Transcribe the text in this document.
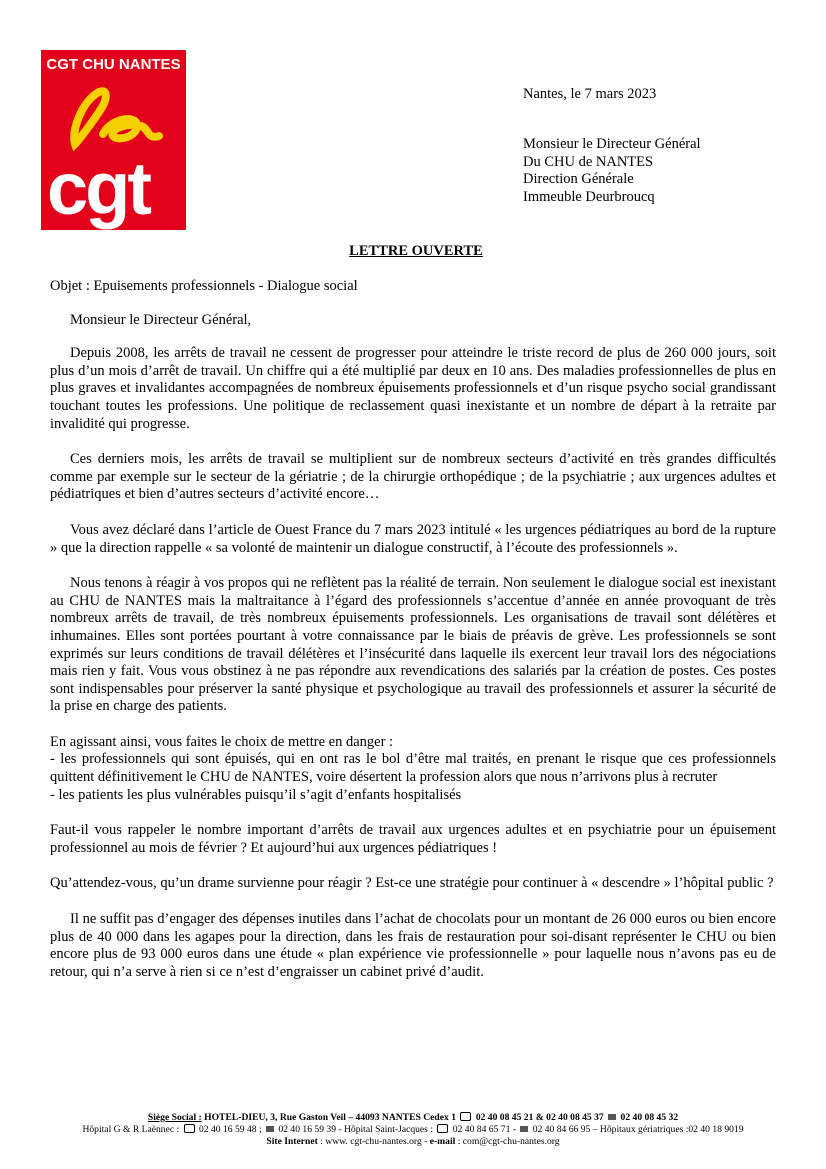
CGT CHU NANTES
cgt
Nantes, le 7 mars 2023
Monsieur le Directeur Général
Du CHU de NANTES
Direction Générale
Immeuble Deurbroucq
LETTRE OUVERTE

Objet : Epuisements professionnels - Dialogue social

Monsieur le Directeur Général,

Depuis 2008, les arrêts de travail ne cessent de progresser pour atteindre le triste record de plus de 260 000 jours, soit plus d’un mois d’arrêt de travail. Un chiffre qui a été multiplié par deux en 10 ans. Des maladies professionnelles de plus en plus graves et invalidantes accompagnées de nombreux épuisements professionnels et d’un risque psycho social grandissant touchant toutes les professions. Une politique de reclassement quasi inexistante et un nombre de départ à la retraite par invalidité qui progresse.

Ces derniers mois, les arrêts de travail se multiplient sur de nombreux secteurs d’activité en très grandes difficultés comme par exemple sur le secteur de la gériatrie ; de la chirurgie orthopédique ; de la psychiatrie ; aux urgences adultes et pédiatriques et bien d’autres secteurs d’activité encore…

Vous avez déclaré dans l’article de Ouest France du 7 mars 2023 intitulé « les urgences pédiatriques au bord de la rupture » que la direction rappelle « sa volonté de maintenir un dialogue constructif, à l’écoute des professionnels ».

Nous tenons à réagir à vos propos qui ne reflètent pas la réalité de terrain. Non seulement le dialogue social est inexistant au CHU de NANTES mais la maltraitance à l’égard des professionnels s’accentue d’année en année provoquant de très nombreux arrêts de travail, de très nombreux épuisements professionnels. Les organisations de travail sont délétères et inhumaines. Elles sont portées pourtant à votre connaissance par le biais de préavis de grève. Les professionnels se sont exprimés sur leurs conditions de travail délétères et l’insécurité dans laquelle ils exercent leur travail lors des négociations mais rien y fait. Vous vous obstinez à ne pas répondre aux revendications des salariés par la création de postes. Ces postes sont indispensables pour préserver la santé physique et psychologique au travail des professionnels et assurer la sécurité de la prise en charge des patients.

En agissant ainsi, vous faites le choix de mettre en danger :
- les professionnels qui sont épuisés, qui en ont ras le bol d’être mal traités, en prenant le risque que ces professionnels quittent définitivement le CHU de NANTES, voire désertent la profession alors que nous n’arrivons plus à recruter
- les patients les plus vulnérables puisqu’il s’agit d’enfants hospitalisés

Faut-il vous rappeler le nombre important d’arrêts de travail aux urgences adultes et en psychiatrie pour un épuisement professionnel au mois de février ? Et aujourd’hui aux urgences pédiatriques !

Qu’attendez-vous, qu’un drame survienne pour réagir ? Est-ce une stratégie pour continuer à « descendre » l’hôpital public ?

Il ne suffit pas d’engager des dépenses inutiles dans l’achat de chocolats pour un montant de 26 000 euros ou bien encore plus de 40 000 dans les agapes pour la direction, dans les frais de restauration pour soi-disant représenter le CHU ou bien encore plus de 93 000 euros dans une étude « plan expérience vie professionnelle » pour laquelle nous n’avons pas eu de retour, qui n’a serve à rien si ce n’est d’engraisser un cabinet privé d’audit.

Siège Social : HOTEL-DIEU, 3, Rue Gaston Veil – 44093 NANTES Cedex 1 02 40 08 45 21 & 02 40 08 45 37 02 40 08 45 32
Hôpital G & R Laënnec : 02 40 16 59 48 ; 02 40 16 59 39 - Hôpital Saint-Jacques : 02 40 84 65 71 - 02 40 84 66 95 – Hôpitaux gériatriques :02 40 18 9019
Site Internet : www. cgt-chu-nantes.org - e-mail : com@cgt-chu-nantes.org
